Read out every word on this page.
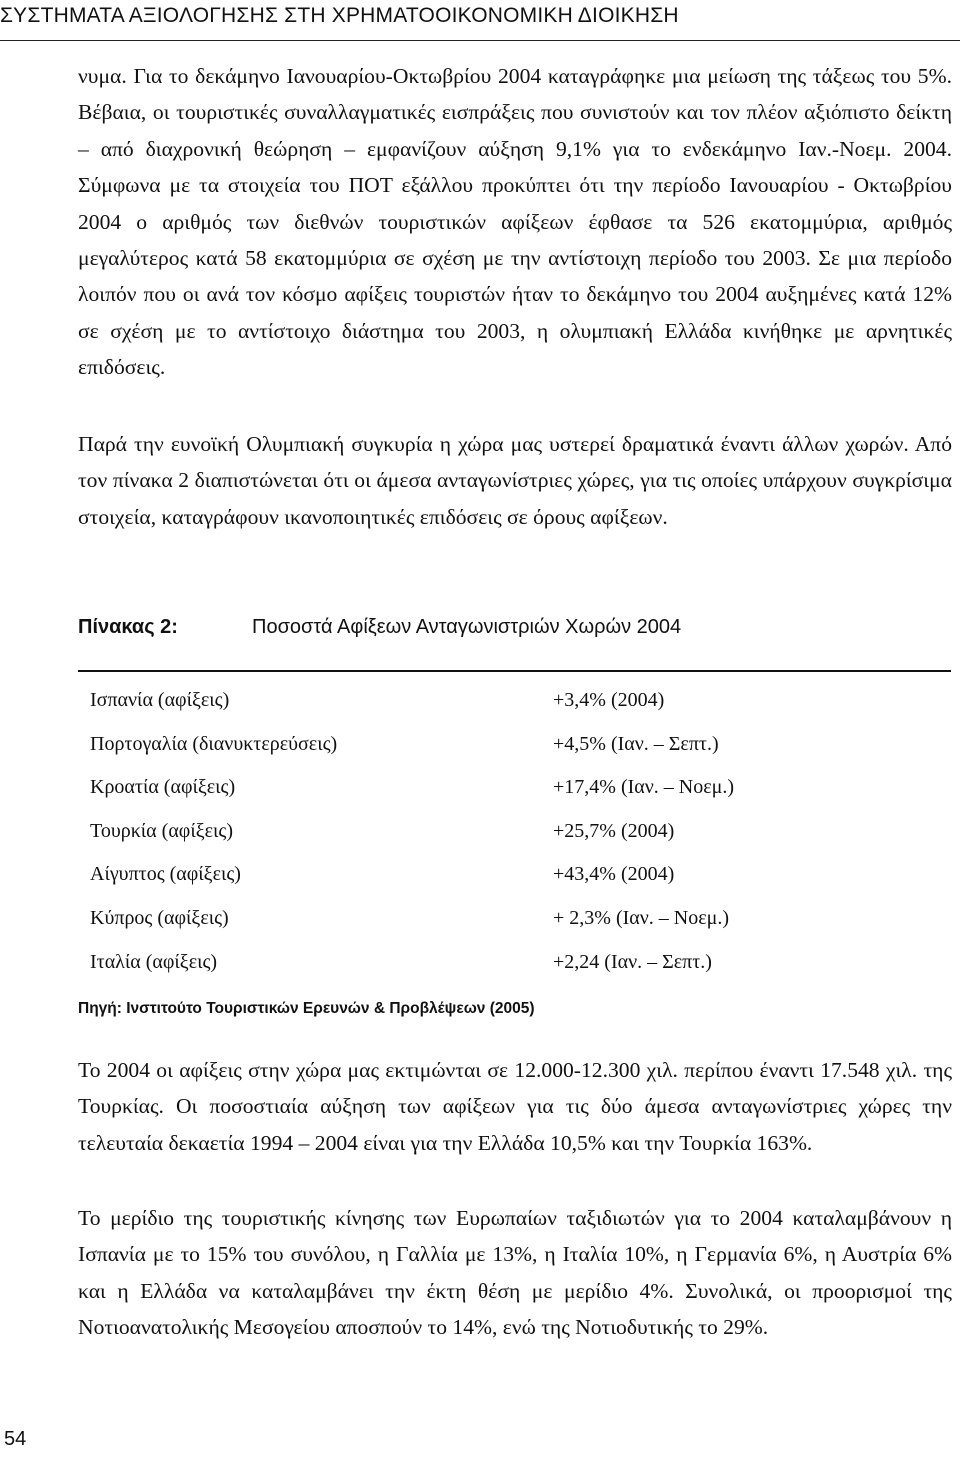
ΣΥΣΤΗΜΑΤΑ ΑΞΙΟΛΟΓΗΣΗΣ ΣΤΗ ΧΡΗΜΑΤΟΟΙΚΟΝΟΜΙΚΗ ΔΙΟΙΚΗΣΗ
νυμα. Για το δεκάμηνο Ιανουαρίου-Οκτωβρίου 2004 καταγράφηκε μια μείωση της τάξεως του 5%. Βέβαια, οι τουριστικές συναλλαγματικές εισπράξεις που συνιστούν και τον πλέον αξιόπιστο δείκτη – από διαχρονική θεώρηση – εμφανίζουν αύξηση 9,1% για το ενδεκάμηνο Ιαν.-Νοεμ. 2004. Σύμφωνα με τα στοιχεία του ΠΟΤ εξάλλου προκύπτει ότι την περίοδο Ιανουαρίου - Οκτωβρίου 2004 ο αριθμός των διεθνών τουριστικών αφίξεων έφθασε τα 526 εκατομμύρια, αριθμός μεγαλύτερος κατά 58 εκατομμύρια σε σχέση με την αντίστοιχη περίοδο του 2003. Σε μια περίοδο λοιπόν που οι ανά τον κόσμο αφίξεις τουριστών ήταν το δεκάμηνο του 2004 αυξημένες κατά 12% σε σχέση με το αντίστοιχο διάστημα του 2003, η ολυμπιακή Ελλάδα κινήθηκε με αρνητικές επιδόσεις.
Παρά την ευνοϊκή Ολυμπιακή συγκυρία η χώρα μας υστερεί δραματικά έναντι άλλων χωρών. Από τον πίνακα 2 διαπιστώνεται ότι οι άμεσα ανταγωνίστριες χώρες, για τις οποίες υπάρχουν συγκρίσιμα στοιχεία, καταγράφουν ικανοποιητικές επιδόσεις σε όρους αφίξεων.
Πίνακας 2:	Ποσοστά Αφίξεων Ανταγωνιστριών Χωρών 2004
Ισπανία (αφίξεις)	+3,4% (2004)
Πορτογαλία (διανυκτερεύσεις)	+4,5% (Ιαν. – Σεπτ.)
Κροατία (αφίξεις)	+17,4% (Ιαν. – Νοεμ.)
Τουρκία (αφίξεις)	+25,7% (2004)
Αίγυπτος (αφίξεις)	+43,4% (2004)
Κύπρος (αφίξεις)	+ 2,3% (Ιαν. – Νοεμ.)
Ιταλία (αφίξεις)	+2,24 (Ιαν. – Σεπτ.)
Πηγή: Ινστιτούτο Τουριστικών Ερευνών & Προβλέψεων (2005)
Το 2004 οι αφίξεις στην χώρα μας εκτιμώνται σε 12.000-12.300 χιλ. περίπου έναντι 17.548 χιλ. της Τουρκίας. Οι ποσοστιαία αύξηση των αφίξεων για τις δύο άμεσα ανταγωνίστριες χώρες την τελευταία δεκαετία 1994 – 2004 είναι για την Ελλάδα 10,5% και την Τουρκία 163%.
Το μερίδιο της τουριστικής κίνησης των Ευρωπαίων ταξιδιωτών για το 2004 καταλαμβάνουν η Ισπανία με το 15% του συνόλου, η Γαλλία με 13%, η Ιταλία 10%, η Γερμανία 6%, η Αυστρία 6% και η Ελλάδα να καταλαμβάνει την έκτη θέση με μερίδιο 4%. Συνολικά, οι προορισμοί της Νοτιοανατολικής Μεσογείου αποσπούν το 14%, ενώ της Νοτιοδυτικής το 29%.
54
